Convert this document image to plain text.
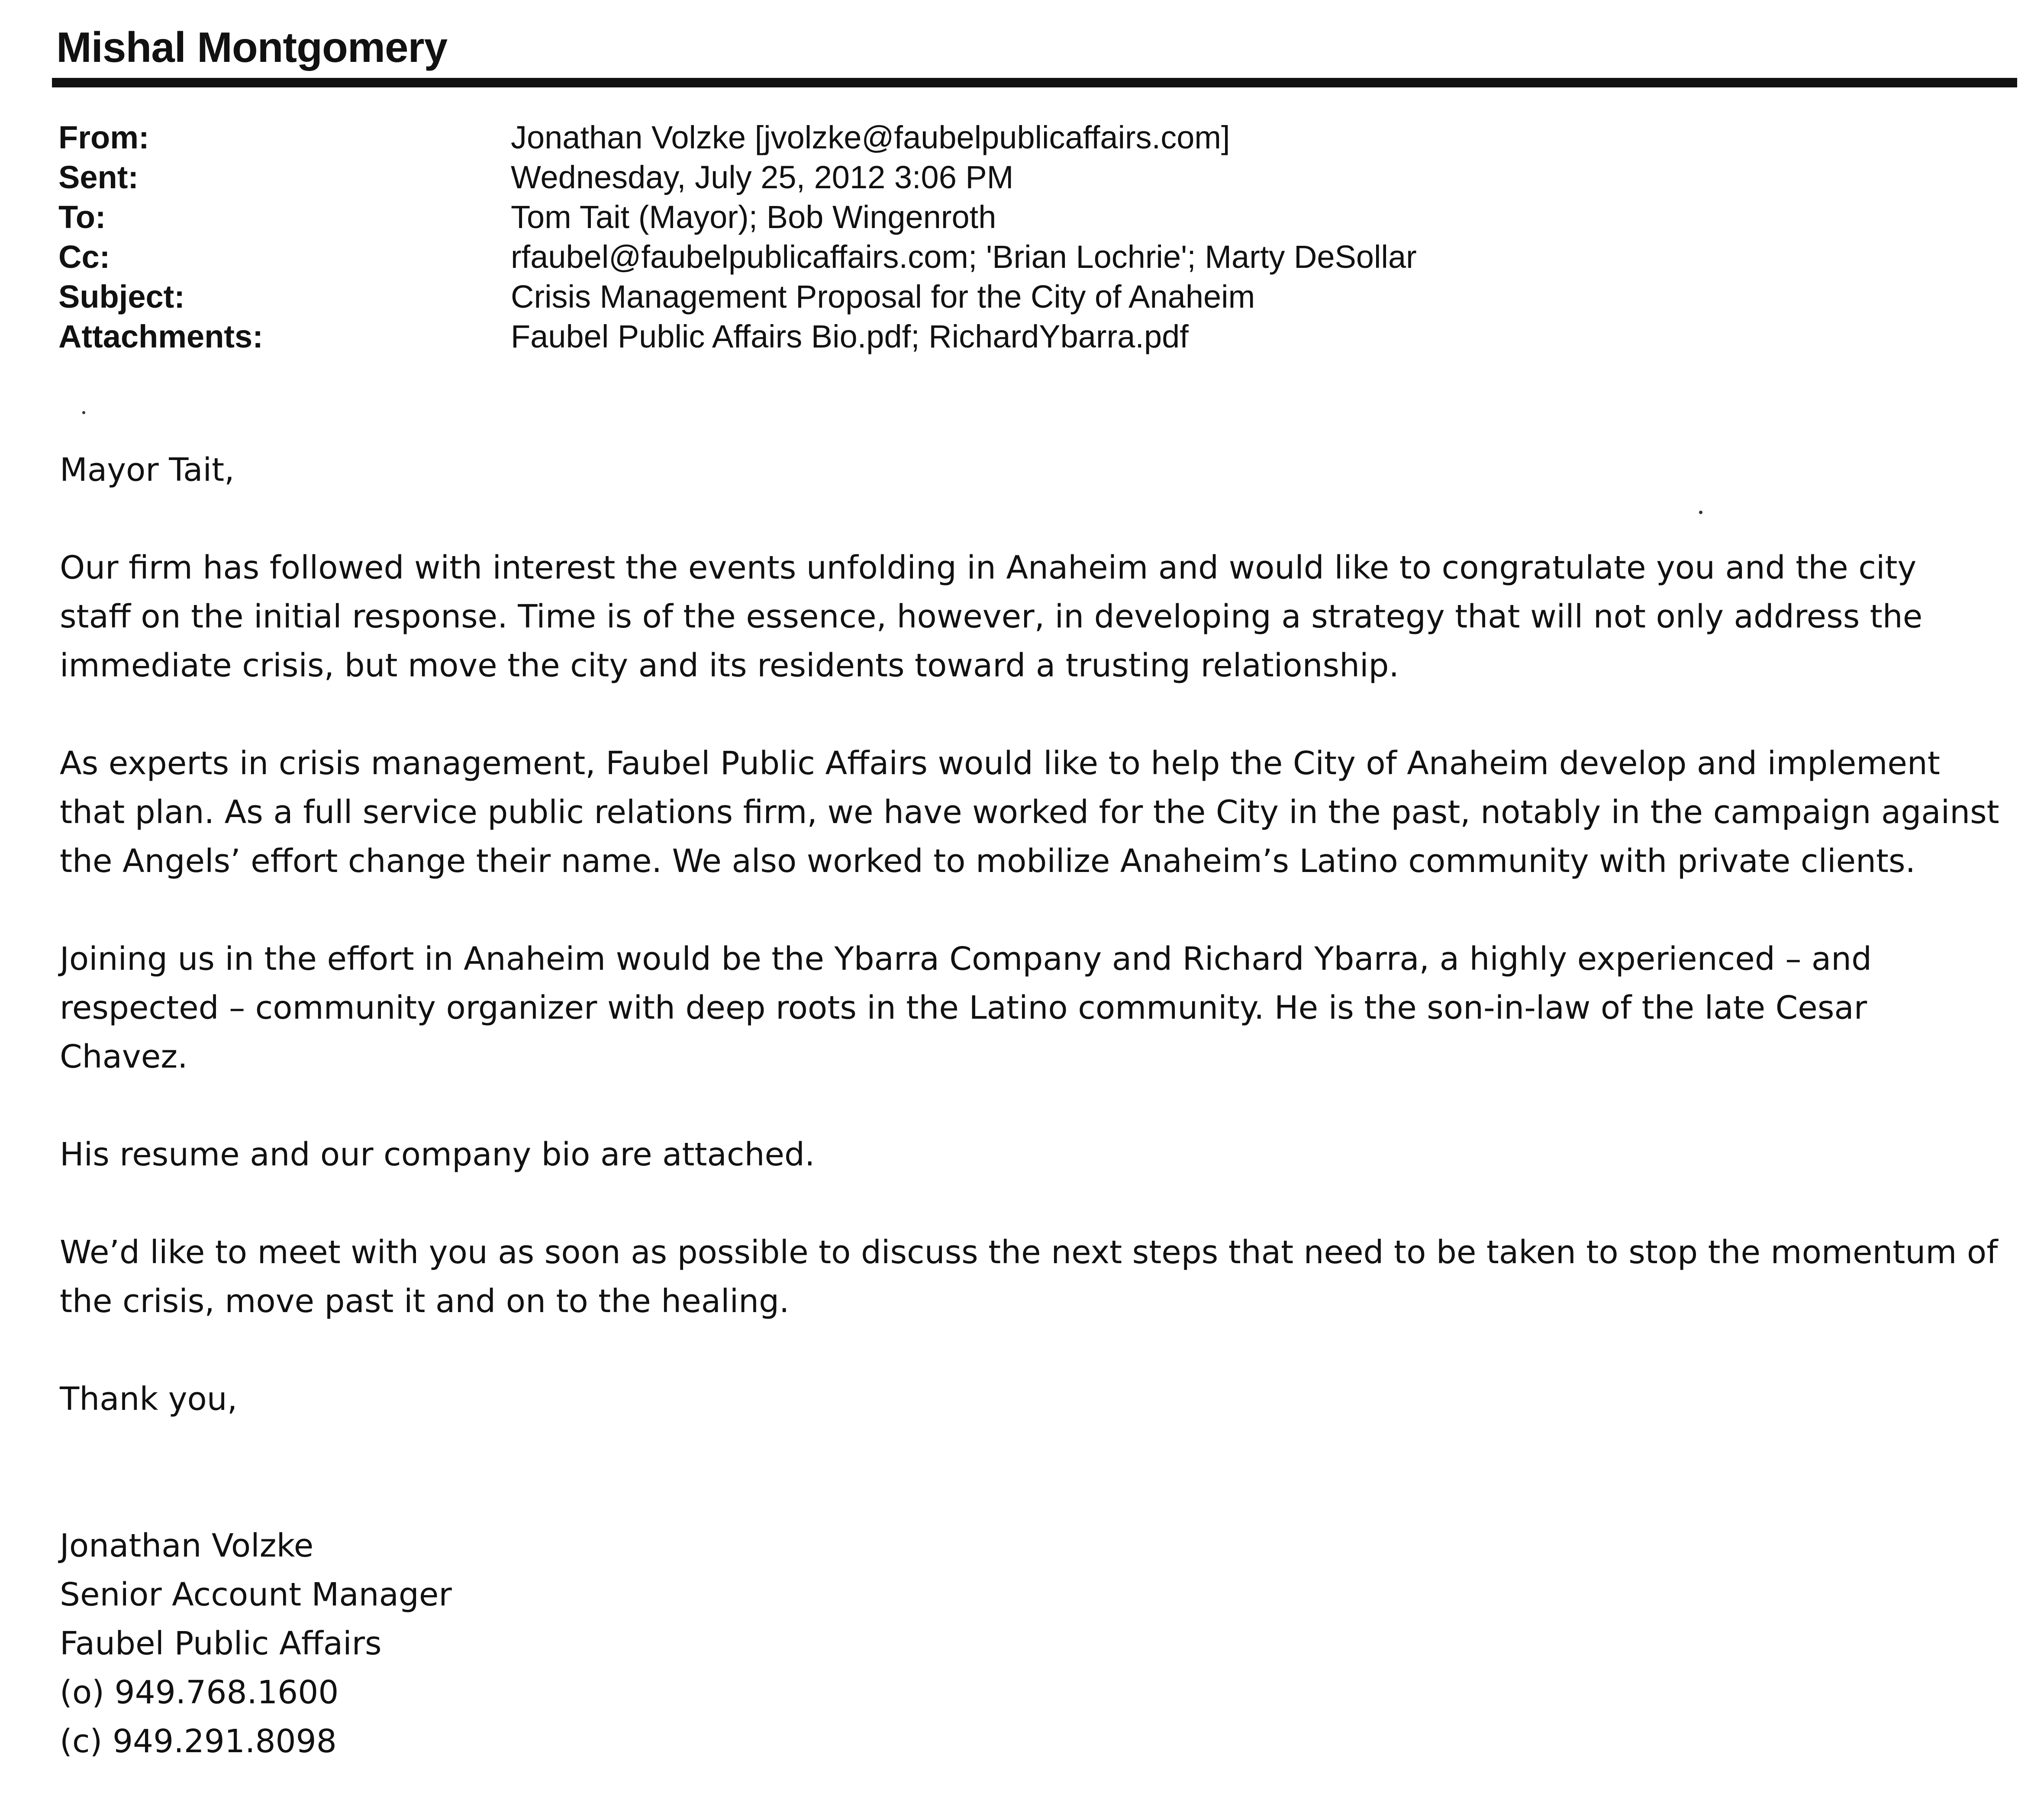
Mishal Montgomery
From:	Jonathan Volzke [jvolzke@faubelpublicaffairs.com]
Sent:	Wednesday, July 25, 2012 3:06 PM
To:	Tom Tait (Mayor); Bob Wingenroth
Cc:	rfaubel@faubelpublicaffairs.com; 'Brian Lochrie'; Marty DeSollar
Subject:	Crisis Management Proposal for the City of Anaheim
Attachments:	Faubel Public Affairs Bio.pdf; RichardYbarra.pdf

Mayor Tait,

Our firm has followed with interest the events unfolding in Anaheim and would like to congratulate you and the city

staff on the initial response. Time is of the essence, however, in developing a strategy that will not only address the

immediate crisis, but move the city and its residents toward a trusting relationship.

As experts in crisis management, Faubel Public Affairs would like to help the City of Anaheim develop and implement

that plan. As a full service public relations firm, we have worked for the City in the past, notably in the campaign against

the Angels’ effort change their name. We also worked to mobilize Anaheim’s Latino community with private clients.

Joining us in the effort in Anaheim would be the Ybarra Company and Richard Ybarra, a highly experienced – and

respected – community organizer with deep roots in the Latino community. He is the son-in-law of the late Cesar

Chavez.

His resume and our company bio are attached.

We’d like to meet with you as soon as possible to discuss the next steps that need to be taken to stop the momentum of

the crisis, move past it and on to the healing.

Thank you,

Jonathan Volzke

Senior Account Manager

Faubel Public Affairs

(o) 949.768.1600

(c) 949.291.8098
